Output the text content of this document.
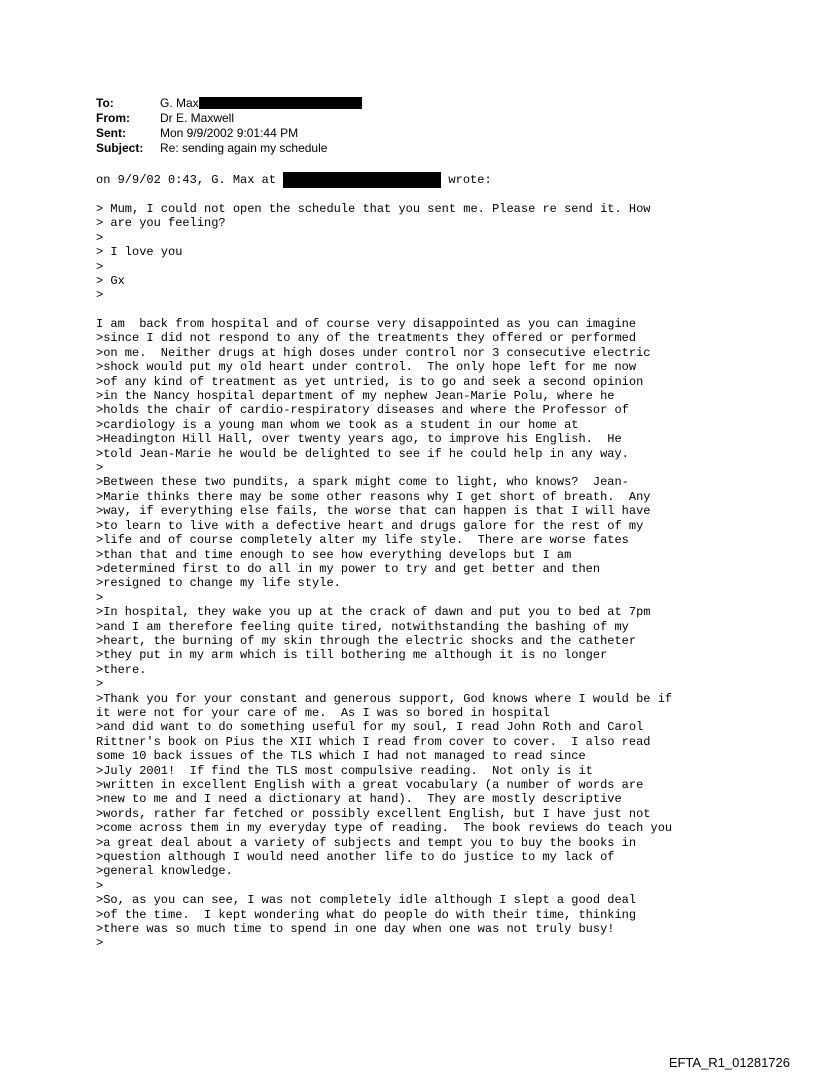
To:	G. Max
From:	Dr E. Maxwell
Sent:	Mon 9/9/2002 9:01:44 PM
Subject:	Re: sending again my schedule
on 9/9/02 0:43, G. Max at	wrote:
> Mum, I could not open the schedule that you sent me. Please re send it. How
> are you feeling?
>
> I love you
>
> Gx
>
I am  back from hospital and of course very disappointed as you can imagine
>since I did not respond to any of the treatments they offered or performed
>on me.  Neither drugs at high doses under control nor 3 consecutive electric
>shock would put my old heart under control.  The only hope left for me now
>of any kind of treatment as yet untried, is to go and seek a second opinion
>in the Nancy hospital department of my nephew Jean-Marie Polu, where he
>holds the chair of cardio-respiratory diseases and where the Professor of
>cardiology is a young man whom we took as a student in our home at
>Headington Hill Hall, over twenty years ago, to improve his English.  He
>told Jean-Marie he would be delighted to see if he could help in any way.
>
>Between these two pundits, a spark might come to light, who knows?  Jean-
>Marie thinks there may be some other reasons why I get short of breath.  Any
>way, if everything else fails, the worse that can happen is that I will have
>to learn to live with a defective heart and drugs galore for the rest of my
>life and of course completely alter my life style.  There are worse fates
>than that and time enough to see how everything develops but I am
>determined first to do all in my power to try and get better and then
>resigned to change my life style.
>
>In hospital, they wake you up at the crack of dawn and put you to bed at 7pm
>and I am therefore feeling quite tired, notwithstanding the bashing of my
>heart, the burning of my skin through the electric shocks and the catheter
>they put in my arm which is till bothering me although it is no longer
>there.
>
>Thank you for your constant and generous support, God knows where I would be if
it were not for your care of me.  As I was so bored in hospital
>and did want to do something useful for my soul, I read John Roth and Carol
Rittner's book on Pius the XII which I read from cover to cover.  I also read
some 10 back issues of the TLS which I had not managed to read since
>July 2001!  If find the TLS most compulsive reading.  Not only is it
>written in excellent English with a great vocabulary (a number of words are
>new to me and I need a dictionary at hand).  They are mostly descriptive
>words, rather far fetched or possibly excellent English, but I have just not
>come across them in my everyday type of reading.  The book reviews do teach you
>a great deal about a variety of subjects and tempt you to buy the books in
>question although I would need another life to do justice to my lack of
>general knowledge.
>
>So, as you can see, I was not completely idle although I slept a good deal
>of the time.  I kept wondering what do people do with their time, thinking
>there was so much time to spend in one day when one was not truly busy!
>
EFTA_R1_01281726
